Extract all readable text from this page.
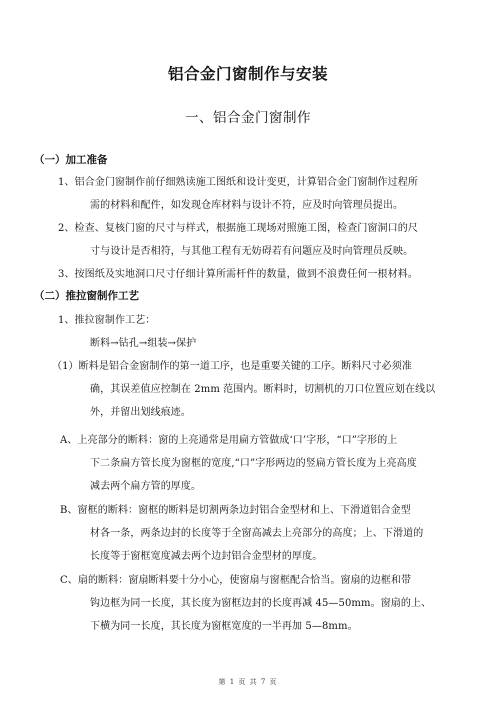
铝合金门窗制作与安装
一、铝合金门窗制作
（一）加工准备
1、铝合金门窗制作前仔细熟读施工图纸和设计变更，计算铝合金门窗制作过程所
需的材料和配件，如发现仓库材料与设计不符，应及时向管理员提出。
2、检查、复核门窗的尺寸与样式，根据施工现场对照施工图，检查门窗洞口的尺
寸与设计是否相符，与其他工程有无妨碍若有问题应及时向管理员反映。
3、按图纸及实地洞口尺寸仔细计算所需杆件的数量，做到不浪费任何一根材料。
（二）推拉窗制作工艺
1、推拉窗制作工艺：
断料→钻孔→组装→保护
（1）断料是铝合金窗制作的第一道工序，也是重要关键的工序。断料尺寸必须准
确，其误差值应控制在 2mm 范围内。断料时，切割机的刀口位置应划在线以
外，并留出划线痕迹。
A、上亮部分的断料：窗的上亮通常是用扁方管做成‘口’字形，“口”字形的上
下二条扁方管长度为窗框的宽度,“口”字形两边的竖扁方管长度为上亮高度
减去两个扁方管的厚度。
B、窗框的断料：窗框的断料是切割两条边封铝合金型材和上、下滑道铝合金型
材各一条，两条边封的长度等于全窗高减去上亮部分的高度；上、下滑道的
长度等于窗框宽度减去两个边封铝合金型材的厚度。
C、扇的断料：窗扇断料要十分小心，使窗扇与窗框配合恰当。窗扇的边框和带
钩边框为同一长度，其长度为窗框边封的长度再减 45—50mm。窗扇的上、
下横为同一长度，其长度为窗框宽度的一半再加 5—8mm。
第 1 页 共 7 页
